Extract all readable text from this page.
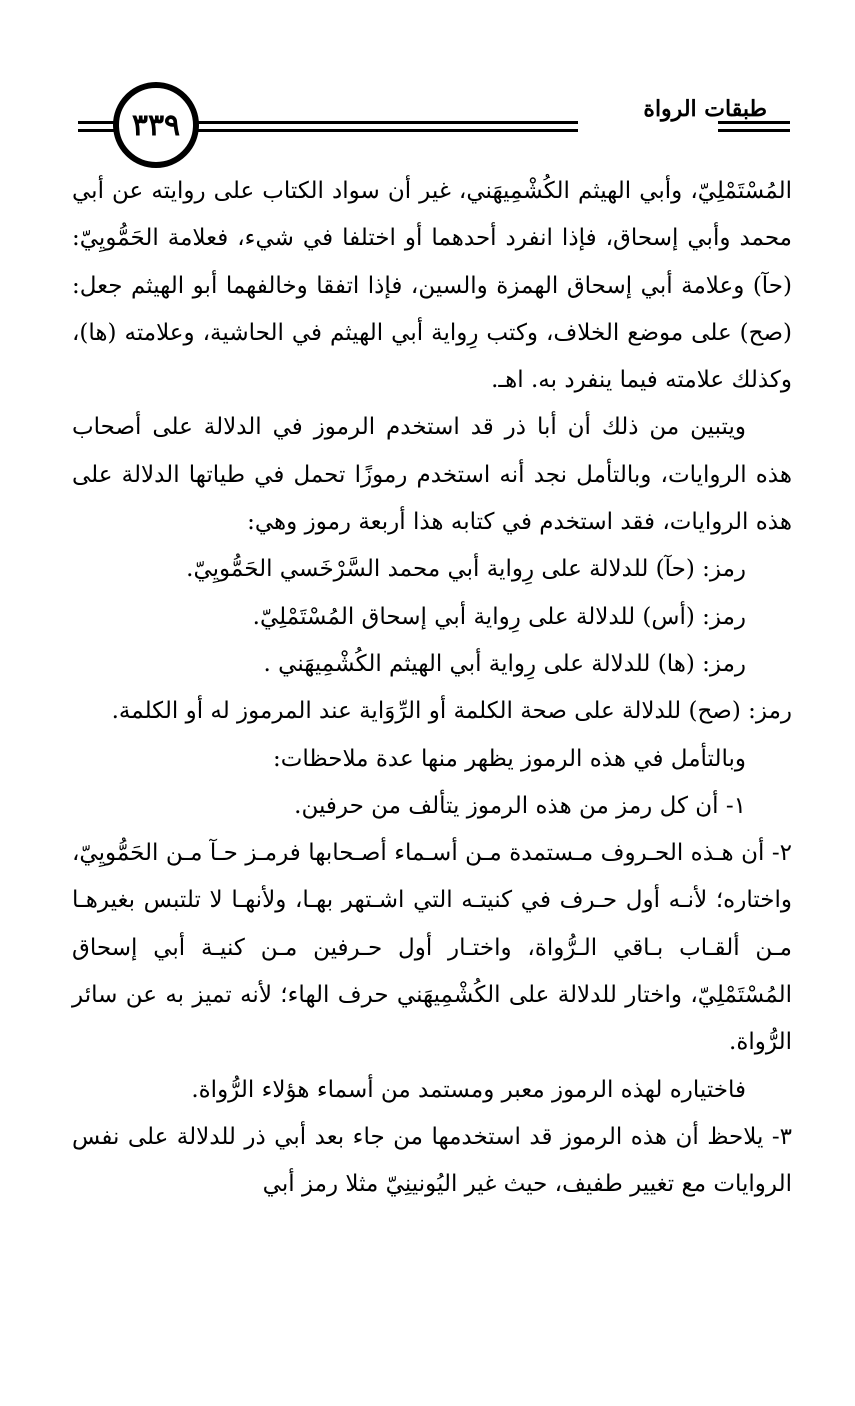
طبقات الرواة
٣٣٩

المُسْتَمْلِيّ، وأبي الهيثم الكُشْمِيهَني، غير أن سواد الكتاب على روايته عن أبي محمد وأبي إسحاق، فإذا انفرد أحدهما أو اختلفا في شيء، فعلامة الحَمُّويِيّ: (حآ) وعلامة أبي إسحاق الهمزة والسين، فإذا اتفقا وخالفهما أبو الهيثم جعل: (صح) على موضع الخلاف، وكتب رِواية أبي الهيثم في الحاشية، وعلامته (ها)، وكذلك علامته فيما ينفرد به. اهـ.

ويتبين من ذلك أن أبا ذر قد استخدم الرموز في الدلالة على أصحاب هذه الروايات، وبالتأمل نجد أنه استخدم رموزًا تحمل في طياتها الدلالة على هذه الروايات، فقد استخدم في كتابه هذا أربعة رموز وهي:

رمز: (حآ) للدلالة على رِواية أبي محمد السَّرْخَسي الحَمُّويِيّ.

رمز: (أس) للدلالة على رِواية أبي إسحاق المُسْتَمْلِيّ.

رمز: (ها) للدلالة على رِواية أبي الهيثم الكُشْمِيهَني .

رمز: (صح) للدلالة على صحة الكلمة أو الرِّوَاية عند المرموز له أو الكلمة.

وبالتأمل في هذه الرموز يظهر منها عدة ملاحظات:

١- أن كل رمز من هذه الرموز يتألف من حرفين.

٢- أن هـذه الحـروف مـستمدة مـن أسـماء أصـحابها فرمـز حـآ مـن الحَمُّويِيّ، واختاره؛ لأنـه أول حـرف في كنيتـه التي اشـتهر بهـا، ولأنهـا لا تلتبس بغيرهـا مـن ألقـاب بـاقي الـرُّواة، واختـار أول حـرفين مـن كنيـة أبي إسحاق المُسْتَمْلِيّ، واختار للدلالة على الكُشْمِيهَني حرف الهاء؛ لأنه تميز به عن سائر الرُّواة.

فاختياره لهذه الرموز معبر ومستمد من أسماء هؤلاء الرُّواة.

٣- يلاحظ أن هذه الرموز قد استخدمها من جاء بعد أبي ذر للدلالة على نفس الروايات مع تغيير طفيف، حيث غير اليُونينِيّ مثلا رمز أبي
